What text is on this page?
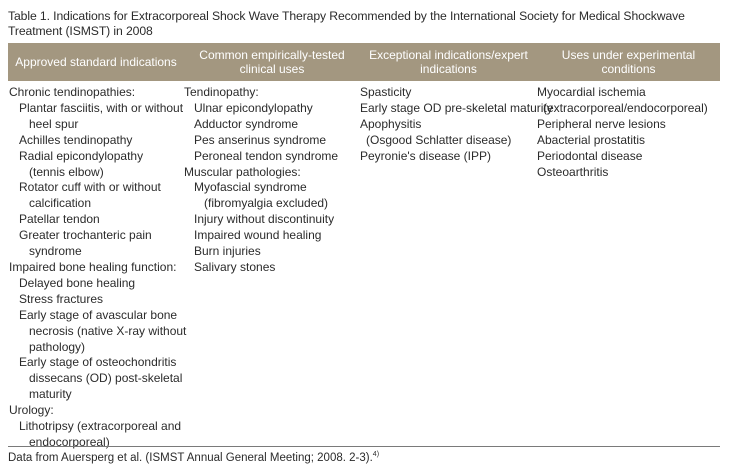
Table 1. Indications for Extracorporeal Shock Wave Therapy Recommended by the International Society for Medical Shockwave Treatment (ISMST) in 2008
Approved standard indications	Common empirically-tested clinical uses
Exceptional indications/expert indications
Uses under experimental conditions
Chronic tendinopathies:
Plantar fasciitis, with or without
heel spur
Achilles tendinopathy
Radial epicondylopathy
(tennis elbow)
Rotator cuff with or without
calcification
Patellar tendon
Greater trochanteric pain
syndrome
Impaired bone healing function:
Delayed bone healing
Stress fractures
Early stage of avascular bone
necrosis (native X-ray without
pathology)
Early stage of osteochondritis
dissecans (OD) post-skeletal
maturity
Urology:
Lithotripsy (extracorporeal and
endocorporeal)
Tendinopathy:
Ulnar epicondylopathy
Adductor syndrome
Pes anserinus syndrome
Peroneal tendon syndrome
Muscular pathologies:
Myofascial syndrome
(fibromyalgia excluded)
Injury without discontinuity
Impaired wound healing
Burn injuries
Salivary stones
Spasticity
Early stage OD pre-skeletal maturity
Apophysitis
(Osgood Schlatter disease)
Peyronie's disease (IPP)
Myocardial ischemia
(extracorporeal/endocorporeal)
Peripheral nerve lesions
Abacterial prostatitis
Periodontal disease
Osteoarthritis
Data from Auersperg et al. (ISMST Annual General Meeting; 2008. 2-3).$^{4)}$
